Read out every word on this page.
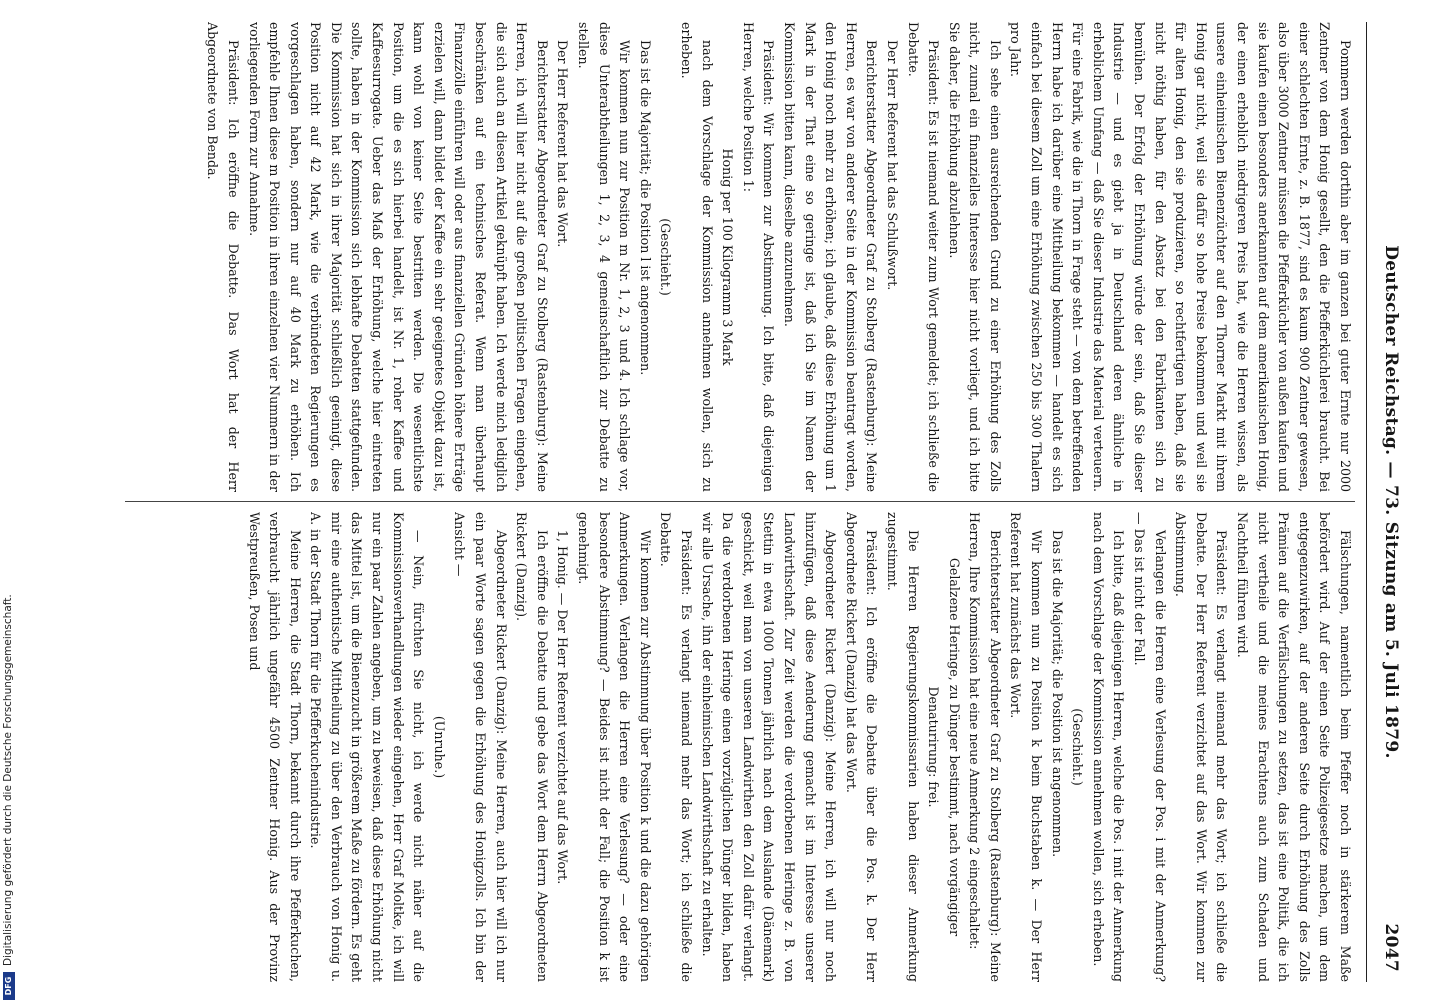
Deutscher Reichstag. — 73. Sitzung am 5. Juli 1879.
2047

Pommern werden dorthin aber im ganzen bei guter Ernte nur 2000 Zentner von dem Honig gesellt, den die Pfefferküchlerei braucht. Bei einer schlechten Ernte, z. B. 1877, sind es kaum 900 Zentner gewesen, also über 3000 Zentner müssen die Pfefferküchler von außen kaufen und sie kaufen einen besonders anerkannten auf dem amerikanischen Honig, der einen erheblich niedrigeren Preis hat, wie die Herren wissen, als unsere einheimischen Bienenzüchter auf den Thorner Markt mit ihrem Honig gar nicht, weil sie dafür so hohe Preise bekommen und weil sie für alten Honig, den sie produzieren, so rechtfertigen haben, daß sie nicht nöthig haben, für den Absatz bei den Fabrikanten sich zu bemühen. Der Erfolg der Erhöhung würde der sein, daß Sie dieser Industrie — und es giebt ja in Deutschland deren ähnliche in erheblichem Umfang — daß Sie dieser Industrie das Material verteuern. Für eine Fabrik, wie die in Thorn in Frage steht — von dem betreffenden Herrn habe ich darüber eine Mittheilung bekommen — handelt es sich einfach bei diesem Zoll um eine Erhöhung zwischen 250 bis 300 Thalern pro Jahr.

Ich sehe einen ausreichenden Grund zu einer Erhöhung des Zolls nicht, zumal ein finanzielles Interesse hier nicht vorliegt, und ich bitte Sie daher, die Erhöhung abzulehnen.

Präsident: Es ist niemand weiter zum Wort gemeldet; ich schließe die Debatte.

Der Herr Referent hat das Schlußwort.

Berichterstatter Abgeordneter Graf zu Stolberg (Rastenburg): Meine Herren, es war von anderer Seite in der Kommission beantragt worden, den Honig noch mehr zu erhöhen; ich glaube, daß diese Erhöhung um 1 Mark in der That eine so geringe ist, daß ich Sie im Namen der Kommission bitten kann, dieselbe anzunehmen.

Präsident: Wir kommen zur Abstimmung. Ich bitte, daß diejenigen Herren, welche Position 1:

Honig per 100 Kilogramm 3 Mark

nach dem Vorschlage der Kommission annehmen wollen, sich zu erheben.

(Geschieht.)

Das ist die Majorität; die Position l ist angenommen.

Wir kommen nun zur Position m Nr. 1, 2, 3 und 4. Ich schlage vor, diese Unterabtheilungen 1, 2, 3, 4 gemeinschaftlich zur Debatte zu stellen.

Der Herr Referent hat das Wort.

Berichterstatter Abgeordneter Graf zu Stolberg (Rastenburg): Meine Herren, ich will hier nicht auf die großen politischen Fragen eingehen, die sich auch an diesen Artikel geknüpft haben. Ich werde mich lediglich beschränken auf ein technisches Referat. Wenn man überhaupt Finanzzölle einführen will oder aus finanziellen Gründen höhere Erträge erzielen will, dann bildet der Kaffee ein sehr geeignetes Objekt dazu ist, kann wohl von keiner Seite bestritten werden. Die wesentlichste Position, um die es sich hierbei handelt, ist Nr. 1, roher Kaffee und Kaffeesurrogate. Ueber das Maß der Erhöhung, welche hier eintreten sollte, haben in der Kommission sich lebhafte Debatten stattgefunden. Die Kommission hat sich in ihrer Majorität schließlich geeinigt, diese Position nicht auf 42 Mark, wie die verbündeten Regierungen es vorgeschlagen haben, sondern nur auf 40 Mark zu erhöhen. Ich empfehle Ihnen diese m Position in ihren einzelnen vier Nummern in der vorliegenden Form zur Annahme.

Präsident: Ich eröffne die Debatte. Das Wort hat der Herr Abgeordnete von Benda.

Fälschungen, namentlich beim Pfeffer noch in stärkerem Maße befördert wird. Auf der einen Seite Polizeigesetze machen, um dem entgegenzuwirken, auf der anderen Seite durch Erhöhung des Zolls Prämien auf die Verfälschungen zu setzen, das ist eine Politik, die ich nicht vertheile und die meines Erachtens auch zum Schaden und Nachtheil führen wird.

Präsident: Es verlangt niemand mehr das Wort; ich schließe die Debatte. Der Herr Referent verzichtet auf das Wort. Wir kommen zur Abstimmung.

Verlangen die Herren eine Verlesung der Pos. i mit der Anmerkung? — Das ist nicht der Fall.

Ich bitte, daß diejenigen Herren, welche die Pos. i mit der Anmerkung nach dem Vorschlage der Kommission annehmen wollen, sich erheben.

(Geschieht.)

Das ist die Majorität; die Position ist angenommen.

Wir kommen nun zu Position k beim Buchstaben k. — Der Herr Referent hat zunächst das Wort.

Berichterstatter Abgeordneter Graf zu Stolberg (Rastenburg): Meine Herren, Ihre Kommission hat eine neue Anmerkung 2 eingeschaltet:

Gelalzene Heringe, zu Dünger bestimmt, nach vorgängiger Denaturirung: frei.

Die Herren Regierungskommissarien haben dieser Anmerkung zugestimmt.

Präsident: Ich eröffne die Debatte über die Pos. k. Der Herr Abgeordnete Rickert (Danzig) hat das Wort.

Abgeordneter Rickert (Danzig): Meine Herren, ich will nur noch hinzufügen, daß diese Aenderung gemacht ist im Interesse unserer Landwirthschaft. Zur Zeit werden die verdorbenen Heringe z. B. von Stettin in etwa 1000 Tonnen jährlich nach dem Auslande (Dänemark) geschickt, weil man von unseren Landwirthen den Zoll dafür verlangt. Da die verdorbenen Heringe einen vorzüglichen Dünger bilden, haben wir alle Ursache, ihn der einheimischen Landwirthschaft zu erhalten.

Präsident: Es verlangt niemand mehr das Wort; ich schließe die Debatte.

Wir kommen zur Abstimmung über Position k und die dazu gehörigen Anmerkungen. Verlangen die Herren eine Verlesung? — oder eine besondere Abstimmung? — Beides ist nicht der Fall; die Position k ist genehmigt.

1, Honig. — Der Herr Referent verzichtet auf das Wort.

Ich eröffne die Debatte und gebe das Wort dem Herrn Abgeordneten Rickert (Danzig).

Abgeordneter Rickert (Danzig): Meine Herren, auch hier will ich nur ein paar Worte sagen gegen die Erhöhung des Honigzolls. Ich bin der Ansicht —

(Unruhe.)

— Nein, fürchten Sie nicht, ich werde nicht näher auf die Kommissionsverhandlungen wieder eingehen, Herr Graf Moltke, ich will nur ein paar Zahlen angeben, um zu beweisen, daß diese Erhöhung nicht das Mittel ist, um die Bienenzucht in größerem Maße zu fördern. Es geht mir eine authentische Mittheilung zu über den Verbrauch von Honig u. A. in der Stadt Thorn für die Pfefferkuchenindustrie.

Meine Herren, die Stadt Thorn, bekannt durch ihre Pfefferkuchen, verbraucht jährlich ungefähr 4500 Zentner Honig. Aus der Provinz Westpreußen, Posen und

DFG
Digitalisierung gefördert durch die Deutsche Forschungsgemeinschaft.
